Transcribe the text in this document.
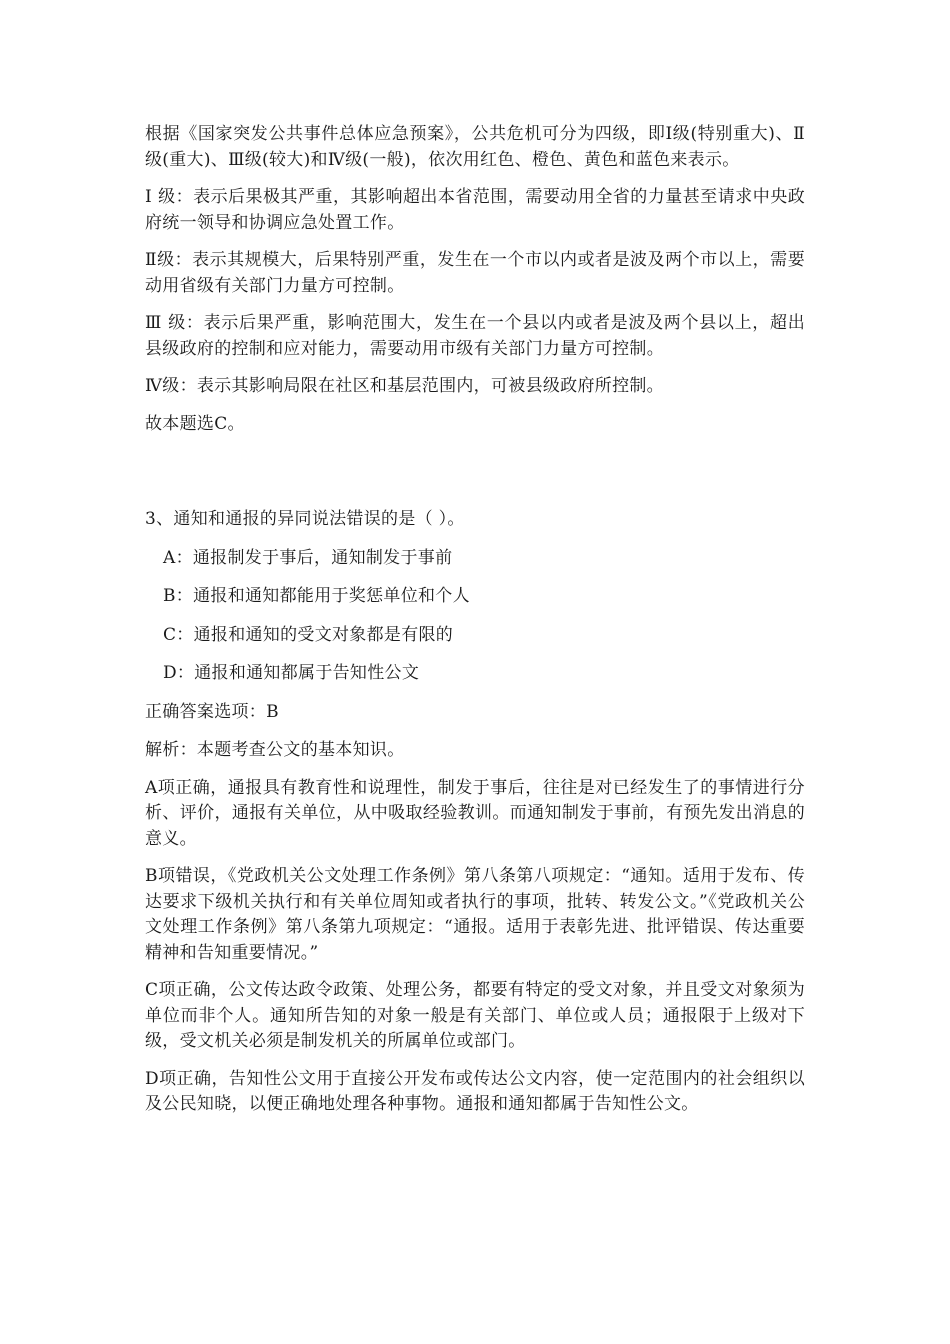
根据《国家突发公共事件总体应急预案》，公共危机可分为四级，即Ⅰ级(特别重大)、Ⅱ级(重大)、Ⅲ级(较大)和Ⅳ级(一般)，依次用红色、橙色、黄色和蓝色来表示。

Ⅰ 级：表示后果极其严重，其影响超出本省范围，需要动用全省的力量甚至请求中央政府统一领导和协调应急处置工作。

Ⅱ级：表示其规模大，后果特别严重，发生在一个市以内或者是波及两个市以上，需要动用省级有关部门力量方可控制。

Ⅲ 级：表示后果严重，影响范围大，发生在一个县以内或者是波及两个县以上，超出县级政府的控制和应对能力，需要动用市级有关部门力量方可控制。

Ⅳ级：表示其影响局限在社区和基层范围内，可被县级政府所控制。

故本题选C。

3、通知和通报的异同说法错误的是（ ）。

A：通报制发于事后，通知制发于事前

B：通报和通知都能用于奖惩单位和个人

C：通报和通知的受文对象都是有限的

D：通报和通知都属于告知性公文

正确答案选项：B

解析：本题考查公文的基本知识。

A项正确，通报具有教育性和说理性，制发于事后，往往是对已经发生了的事情进行分析、评价，通报有关单位，从中吸取经验教训。而通知制发于事前，有预先发出消息的意义。

B项错误，《党政机关公文处理工作条例》第八条第八项规定：“通知。适用于发布、传达要求下级机关执行和有关单位周知或者执行的事项，批转、转发公文。”《党政机关公文处理工作条例》第八条第九项规定：“通报。适用于表彰先进、批评错误、传达重要精神和告知重要情况。”

C项正确，公文传达政令政策、处理公务，都要有特定的受文对象，并且受文对象须为单位而非个人。通知所告知的对象一般是有关部门、单位或人员；通报限于上级对下级，受文机关必须是制发机关的所属单位或部门。

D项正确，告知性公文用于直接公开发布或传达公文内容，使一定范围内的社会组织以及公民知晓，以便正确地处理各种事物。通报和通知都属于告知性公文。
